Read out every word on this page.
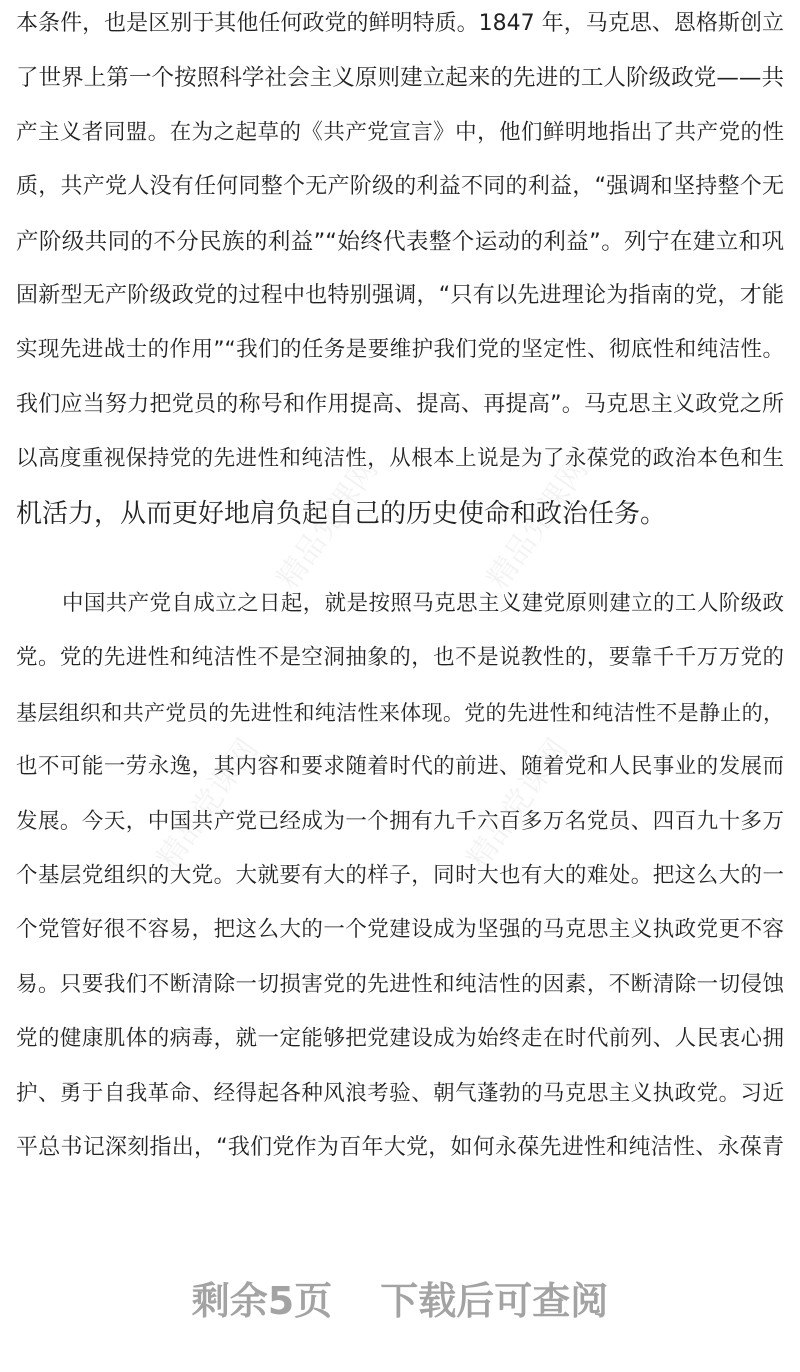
精品党课网	精品党课网
精品党课网	精品党课网
本条件，也是区别于其他任何政党的鲜明特质。1847 年，马克思、恩格斯创立
了世界上第一个按照科学社会主义原则建立起来的先进的工人阶级政党——共
产主义者同盟。在为之起草的《共产党宣言》中，他们鲜明地指出了共产党的性
质，共产党人没有任何同整个无产阶级的利益不同的利益，“强调和坚持整个无
产阶级共同的不分民族的利益”“始终代表整个运动的利益”。列宁在建立和巩
固新型无产阶级政党的过程中也特别强调，“只有以先进理论为指南的党，才能
实现先进战士的作用”“我们的任务是要维护我们党的坚定性、彻底性和纯洁性。
我们应当努力把党员的称号和作用提高、提高、再提高”。马克思主义政党之所
以高度重视保持党的先进性和纯洁性，从根本上说是为了永葆党的政治本色和生
机活力，从而更好地肩负起自己的历史使命和政治任务。
中国共产党自成立之日起，就是按照马克思主义建党原则建立的工人阶级政
党。党的先进性和纯洁性不是空洞抽象的，也不是说教性的，要靠千千万万党的
基层组织和共产党员的先进性和纯洁性来体现。党的先进性和纯洁性不是静止的，
也不可能一劳永逸，其内容和要求随着时代的前进、随着党和人民事业的发展而
发展。今天，中国共产党已经成为一个拥有九千六百多万名党员、四百九十多万
个基层党组织的大党。大就要有大的样子，同时大也有大的难处。把这么大的一
个党管好很不容易，把这么大的一个党建设成为坚强的马克思主义执政党更不容
易。只要我们不断清除一切损害党的先进性和纯洁性的因素，不断清除一切侵蚀
党的健康肌体的病毒，就一定能够把党建设成为始终走在时代前列、人民衷心拥
护、勇于自我革命、经得起各种风浪考验、朝气蓬勃的马克思主义执政党。习近
平总书记深刻指出，“我们党作为百年大党，如何永葆先进性和纯洁性、永葆青
剩余5页 下载后可查阅
